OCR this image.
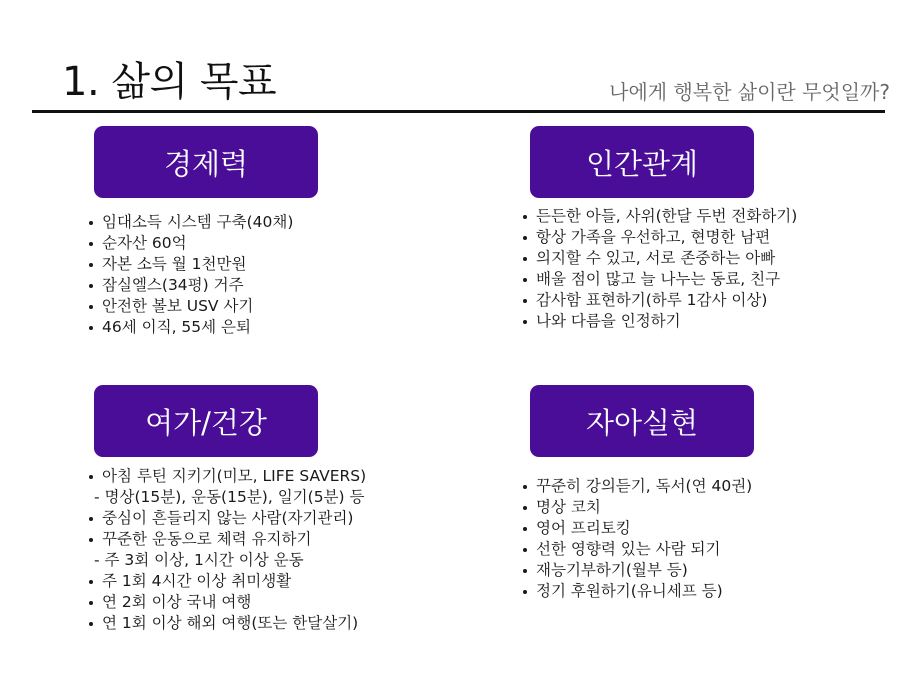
1. 삶의 목표	나에게 행복한 삶이란 무엇일까?
경제력
임대소득 시스템 구축(40채)
순자산 60억
자본 소득 월 1천만원
잠실엘스(34평) 거주
안전한 볼보 USV 사기
46세 이직, 55세 은퇴
인간관계
든든한 아들, 사위(한달 두번 전화하기)
항상 가족을 우선하고, 현명한 남편
의지할 수 있고, 서로 존중하는 아빠
배울 점이 많고 늘 나누는 동료, 친구
감사함 표현하기(하루 1감사 이상)
나와 다름을 인정하기
여가/건강
아침 루틴 지키기(미모, LIFE SAVERS)
- 명상(15분), 운동(15분), 일기(5분) 등
중심이 흔들리지 않는 사람(자기관리)
꾸준한 운동으로 체력 유지하기
- 주 3회 이상, 1시간 이상 운동
주 1회 4시간 이상 취미생활
연 2회 이상 국내 여행
연 1회 이상 해외 여행(또는 한달살기)
자아실현
꾸준히 강의듣기, 독서(연 40권)
명상 코치
영어 프리토킹
선한 영향력 있는 사람 되기
재능기부하기(월부 등)
정기 후원하기(유니세프 등)
